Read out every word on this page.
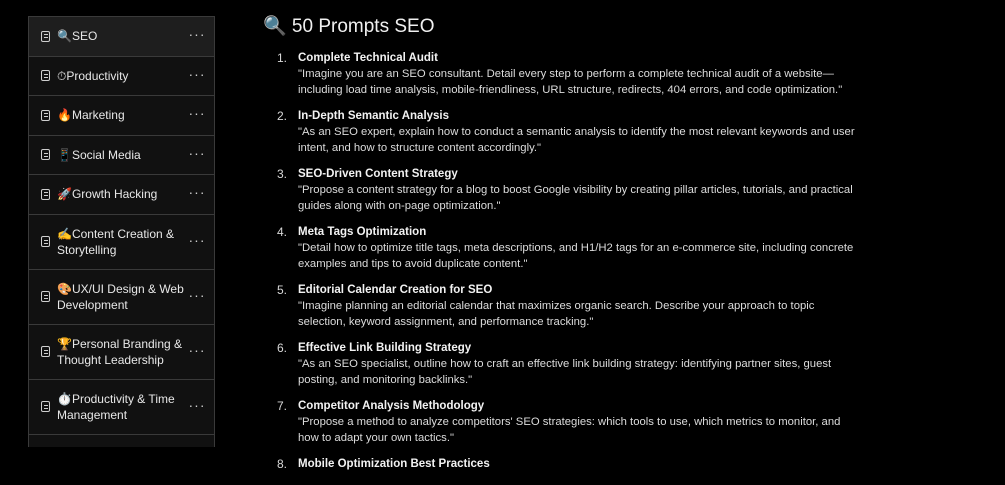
🔍SEO	···
⏱Productivity	···
🔥Marketing	···
📱Social Media	···
🚀Growth Hacking	···
✍️Content Creation & Storytelling
···
🎨UX/UI Design & Web Development
···
🏆Personal Branding & Thought Leadership
···
⏱️Productivity & Time Management
···
🔍 50 Prompts SEO
1. Complete Technical Audit
"Imagine you are an SEO consultant. Detail every step to perform a complete technical audit of a website—including load time analysis, mobile-friendliness, URL structure, redirects, 404 errors, and code optimization."
2. In-Depth Semantic Analysis
"As an SEO expert, explain how to conduct a semantic analysis to identify the most relevant keywords and user intent, and how to structure content accordingly."
3. SEO-Driven Content Strategy
"Propose a content strategy for a blog to boost Google visibility by creating pillar articles, tutorials, and practical guides along with on-page optimization."
4. Meta Tags Optimization
"Detail how to optimize title tags, meta descriptions, and H1/H2 tags for an e-commerce site, including concrete examples and tips to avoid duplicate content."
5. Editorial Calendar Creation for SEO
"Imagine planning an editorial calendar that maximizes organic search. Describe your approach to topic selection, keyword assignment, and performance tracking."
6. Effective Link Building Strategy
"As an SEO specialist, outline how to craft an effective link building strategy: identifying partner sites, guest posting, and monitoring backlinks."
7. Competitor Analysis Methodology
"Propose a method to analyze competitors' SEO strategies: which tools to use, which metrics to monitor, and how to adapt your own tactics."
8. Mobile Optimization Best Practices
